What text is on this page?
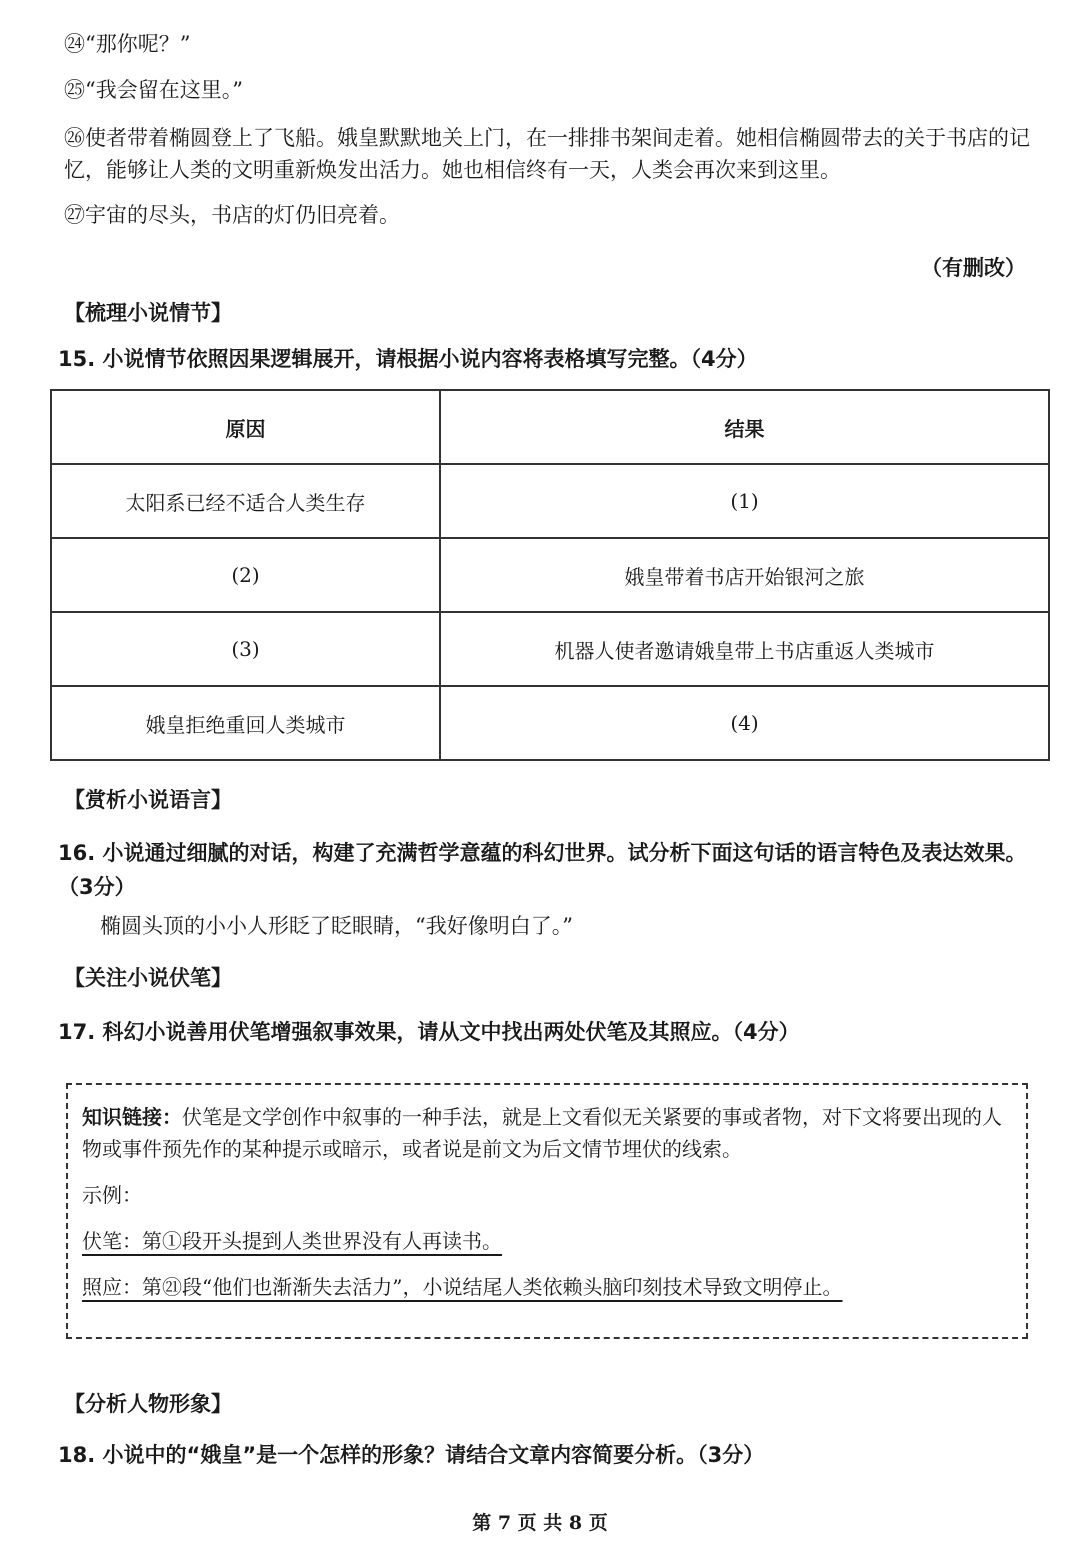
㉔“那你呢？”

㉕“我会留在这里。”

㉖使者带着椭圆登上了飞船。娥皇默默地关上门，在一排排书架间走着。她相信椭圆带去的关于书店的记忆，能够让人类的文明重新焕发出活力。她也相信终有一天，人类会再次来到这里。

㉗宇宙的尽头，书店的灯仍旧亮着。

（有删改）

【梳理小说情节】

15. 小说情节依照因果逻辑展开，请根据小说内容将表格填写完整。（4分）

原因	结果
太阳系已经不适合人类生存	(1)
(2)	娥皇带着书店开始银河之旅
(3)	机器人使者邀请娥皇带上书店重返人类城市
娥皇拒绝重回人类城市	(4)

【赏析小说语言】

16. 小说通过细腻的对话，构建了充满哲学意蕴的科幻世界。试分析下面这句话的语言特色及表达效果。（3分）

椭圆头顶的小小人形眨了眨眼睛，“我好像明白了。”

【关注小说伏笔】

17. 科幻小说善用伏笔增强叙事效果，请从文中找出两处伏笔及其照应。（4分）

知识链接：伏笔是文学创作中叙事的一种手法，就是上文看似无关紧要的事或者物，对下文将要出现的人物或事件预先作的某种提示或暗示，或者说是前文为后文情节埋伏的线索。

示例：

伏笔：第①段开头提到人类世界没有人再读书。

照应：第㉑段“他们也渐渐失去活力”，小说结尾人类依赖头脑印刻技术导致文明停止。

【分析人物形象】

18. 小说中的“娥皇”是一个怎样的形象？请结合文章内容简要分析。（3分）

第 7 页 共 8 页
